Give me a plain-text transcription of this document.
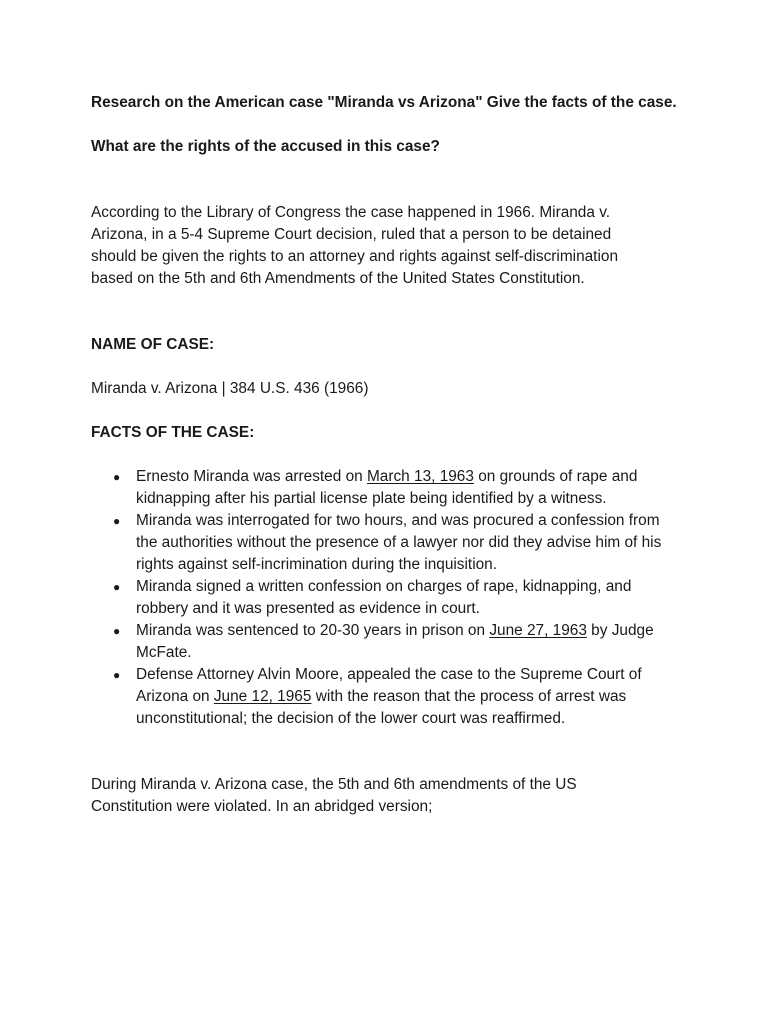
Research on the American case "Miranda vs Arizona" Give the facts of the case.

What are the rights of the accused in this case?

According to the Library of Congress the case happened in 1966. Miranda v. Arizona, in a 5-4 Supreme Court decision, ruled that a person to be detained should be given the rights to an attorney and rights against self-discrimination based on the 5th and 6th Amendments of the United States Constitution.

NAME OF CASE:

Miranda v. Arizona | 384 U.S. 436 (1966)

FACTS OF THE CASE:

● Ernesto Miranda was arrested on March 13, 1963 on grounds of rape and kidnapping after his partial license plate being identified by a witness.
● Miranda was interrogated for two hours, and was procured a confession from the authorities without the presence of a lawyer nor did they advise him of his rights against self-incrimination during the inquisition.
● Miranda signed a written confession on charges of rape, kidnapping, and robbery and it was presented as evidence in court.
● Miranda was sentenced to 20-30 years in prison on June 27, 1963 by Judge McFate.
● Defense Attorney Alvin Moore, appealed the case to the Supreme Court of Arizona on June 12, 1965 with the reason that the process of arrest was unconstitutional; the decision of the lower court was reaffirmed.

During Miranda v. Arizona case, the 5th and 6th amendments of the US Constitution were violated. In an abridged version;
